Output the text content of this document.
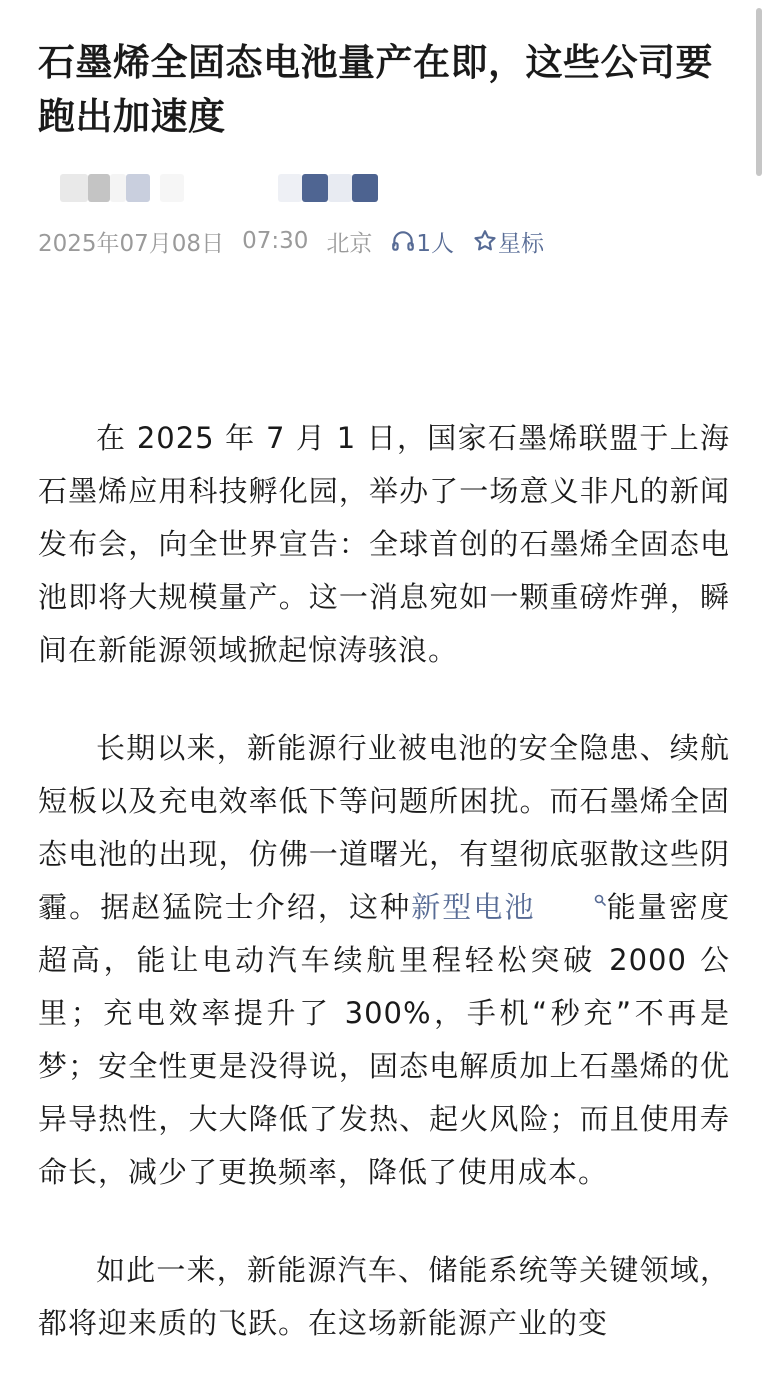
石墨烯全固态电池量产在即，这些公司要跑出加速度
2025年07月08日 07:30 北京 1人 星标

在 2025 年 7 月 1 日，国家石墨烯联盟于上海石墨烯应用科技孵化园，举办了一场意义非凡的新闻发布会，向全世界宣告：全球首创的石墨烯全固态电池即将大规模量产。这一消息宛如一颗重磅炸弹，瞬间在新能源领域掀起惊涛骇浪。

长期以来，新能源行业被电池的安全隐患、续航短板以及充电效率低下等问题所困扰。而石墨烯全固态电池的出现，仿佛一道曙光，有望彻底驱散这些阴霾。据赵猛院士介绍，这种新型电池 能量密度超高，能让电动汽车续航里程轻松突破 2000 公里；充电效率提升了 300%，手机“秒充”不再是梦；安全性更是没得说，固态电解质加上石墨烯的优异导热性，大大降低了发热、起火风险；而且使用寿命长，减少了更换频率，降低了使用成本。

如此一来，新能源汽车、储能系统等关键领域，都将迎来质的飞跃。在这场新能源产业的变
